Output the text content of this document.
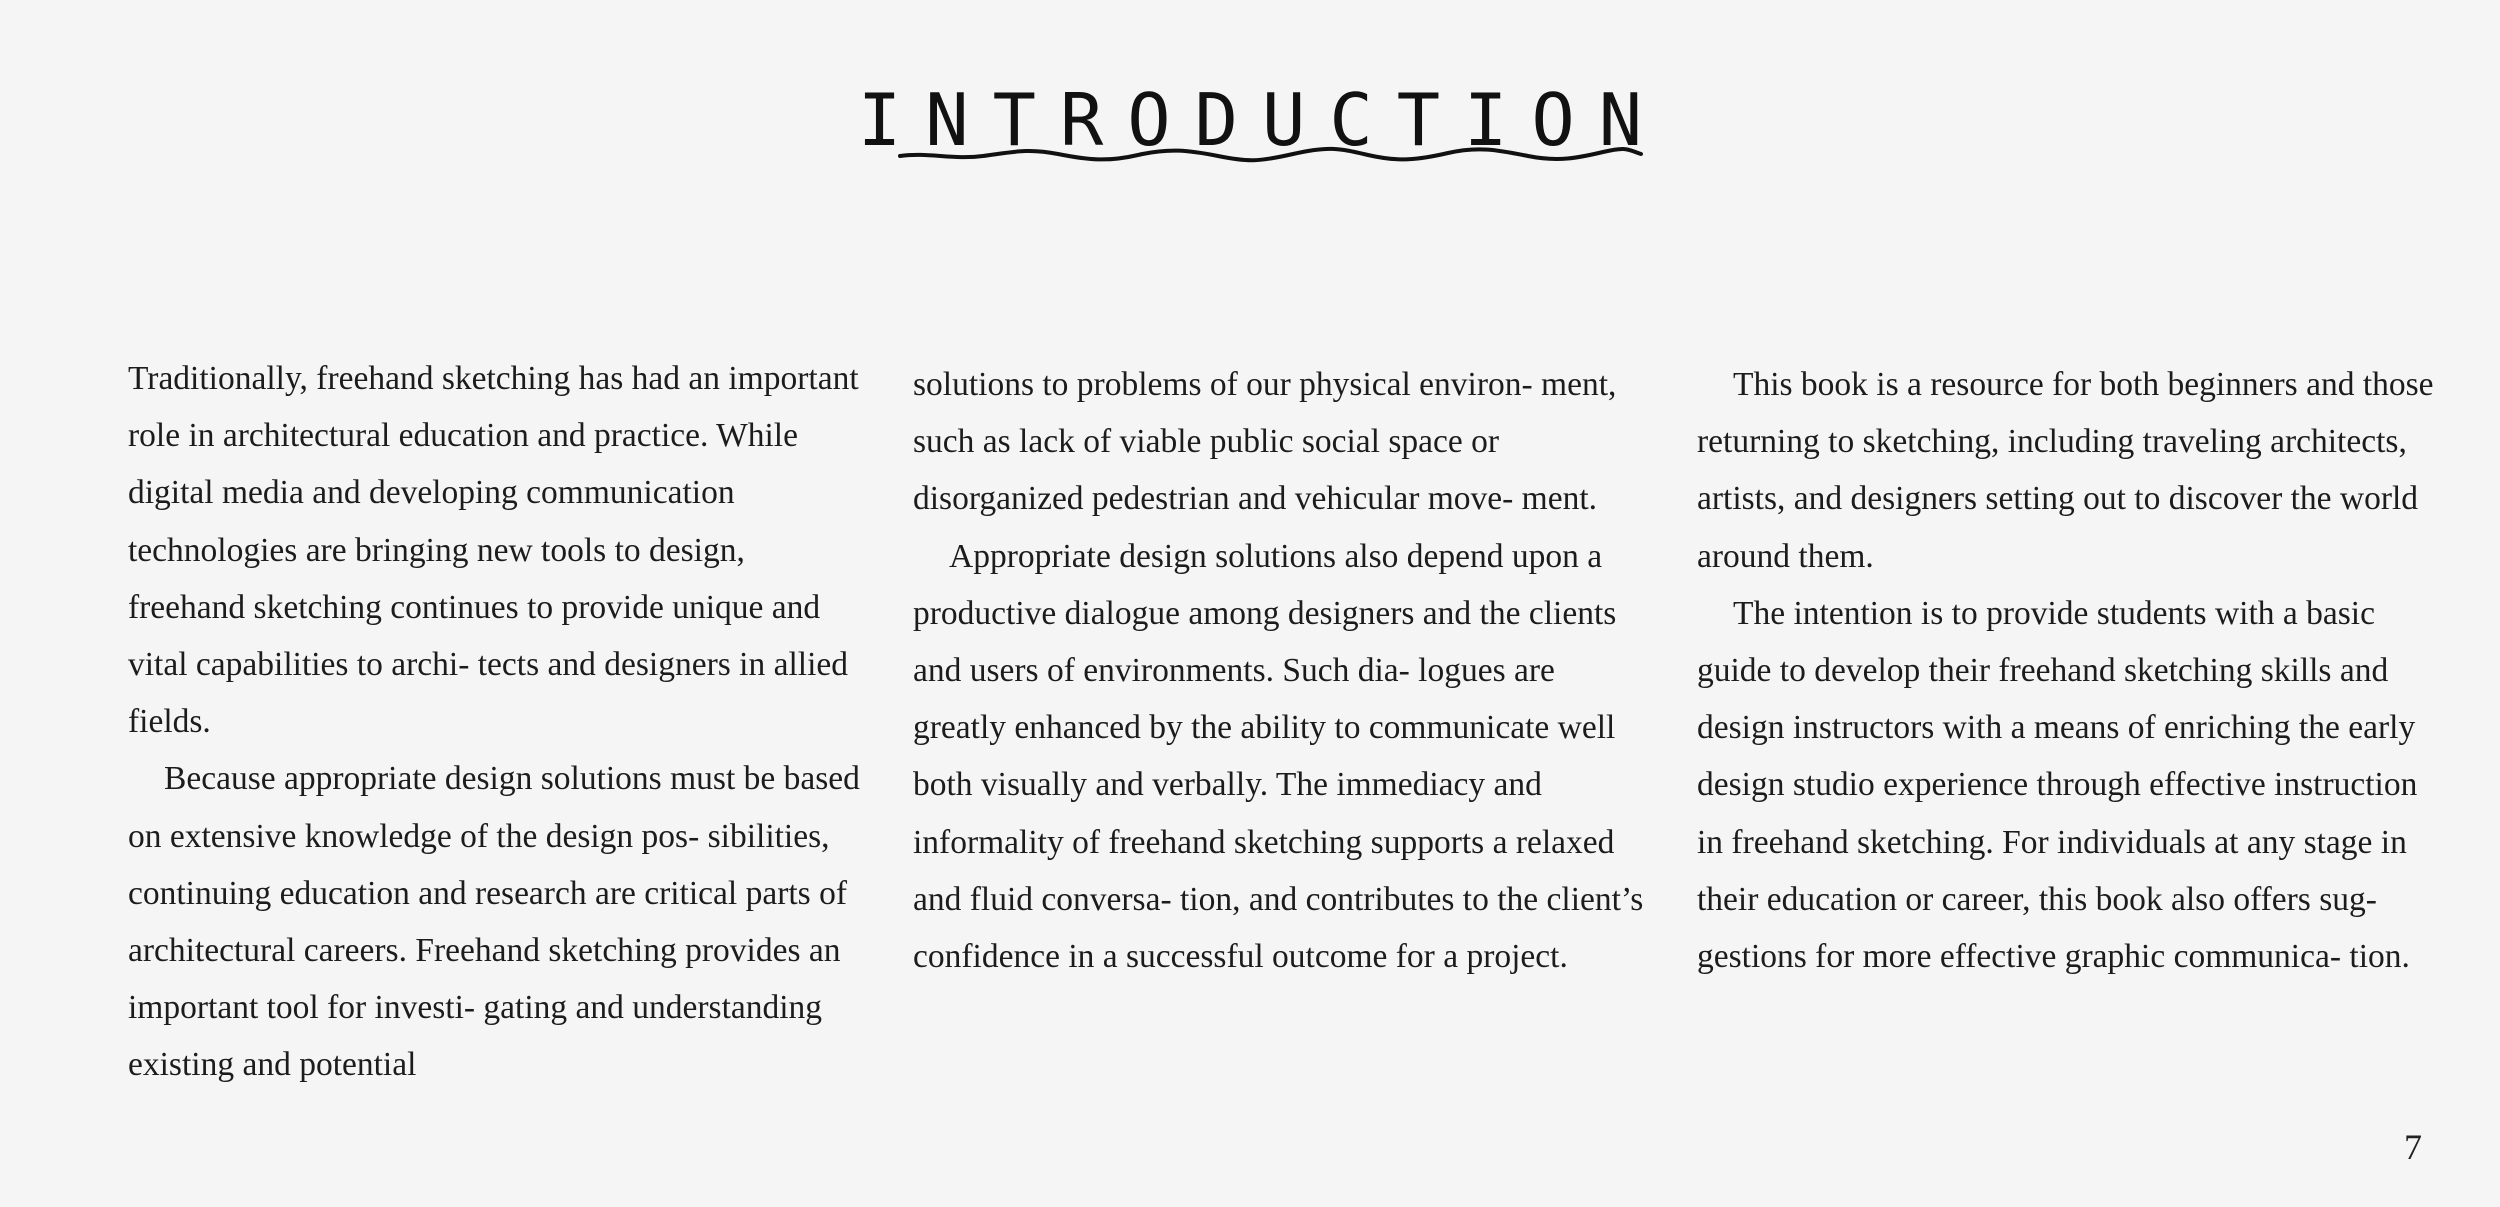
INTRODUCTION

Traditionally, freehand sketching has had an important role in architectural education and practice. While digital media and developing communication technologies are bringing new tools to design, freehand sketching continues to provide unique and vital capabilities to archi- tects and designers in allied fields.

Because appropriate design solutions must be based on extensive knowledge of the design pos- sibilities, continuing education and research are critical parts of architectural careers. Freehand sketching provides an important tool for investi- gating and understanding existing and potential

solutions to problems of our physical environ- ment, such as lack of viable public social space or disorganized pedestrian and vehicular move- ment.

Appropriate design solutions also depend upon a productive dialogue among designers and the clients and users of environments. Such dia- logues are greatly enhanced by the ability to communicate well both visually and verbally. The immediacy and informality of freehand sketching supports a relaxed and fluid conversa- tion, and contributes to the client’s confidence in a successful outcome for a project.

This book is a resource for both beginners and those returning to sketching, including traveling architects, artists, and designers setting out to discover the world around them.

The intention is to provide students with a basic guide to develop their freehand sketching skills and design instructors with a means of enriching the early design studio experience through effective instruction in freehand sketching. For individuals at any stage in their education or career, this book also offers sug- gestions for more effective graphic communica- tion.

7
